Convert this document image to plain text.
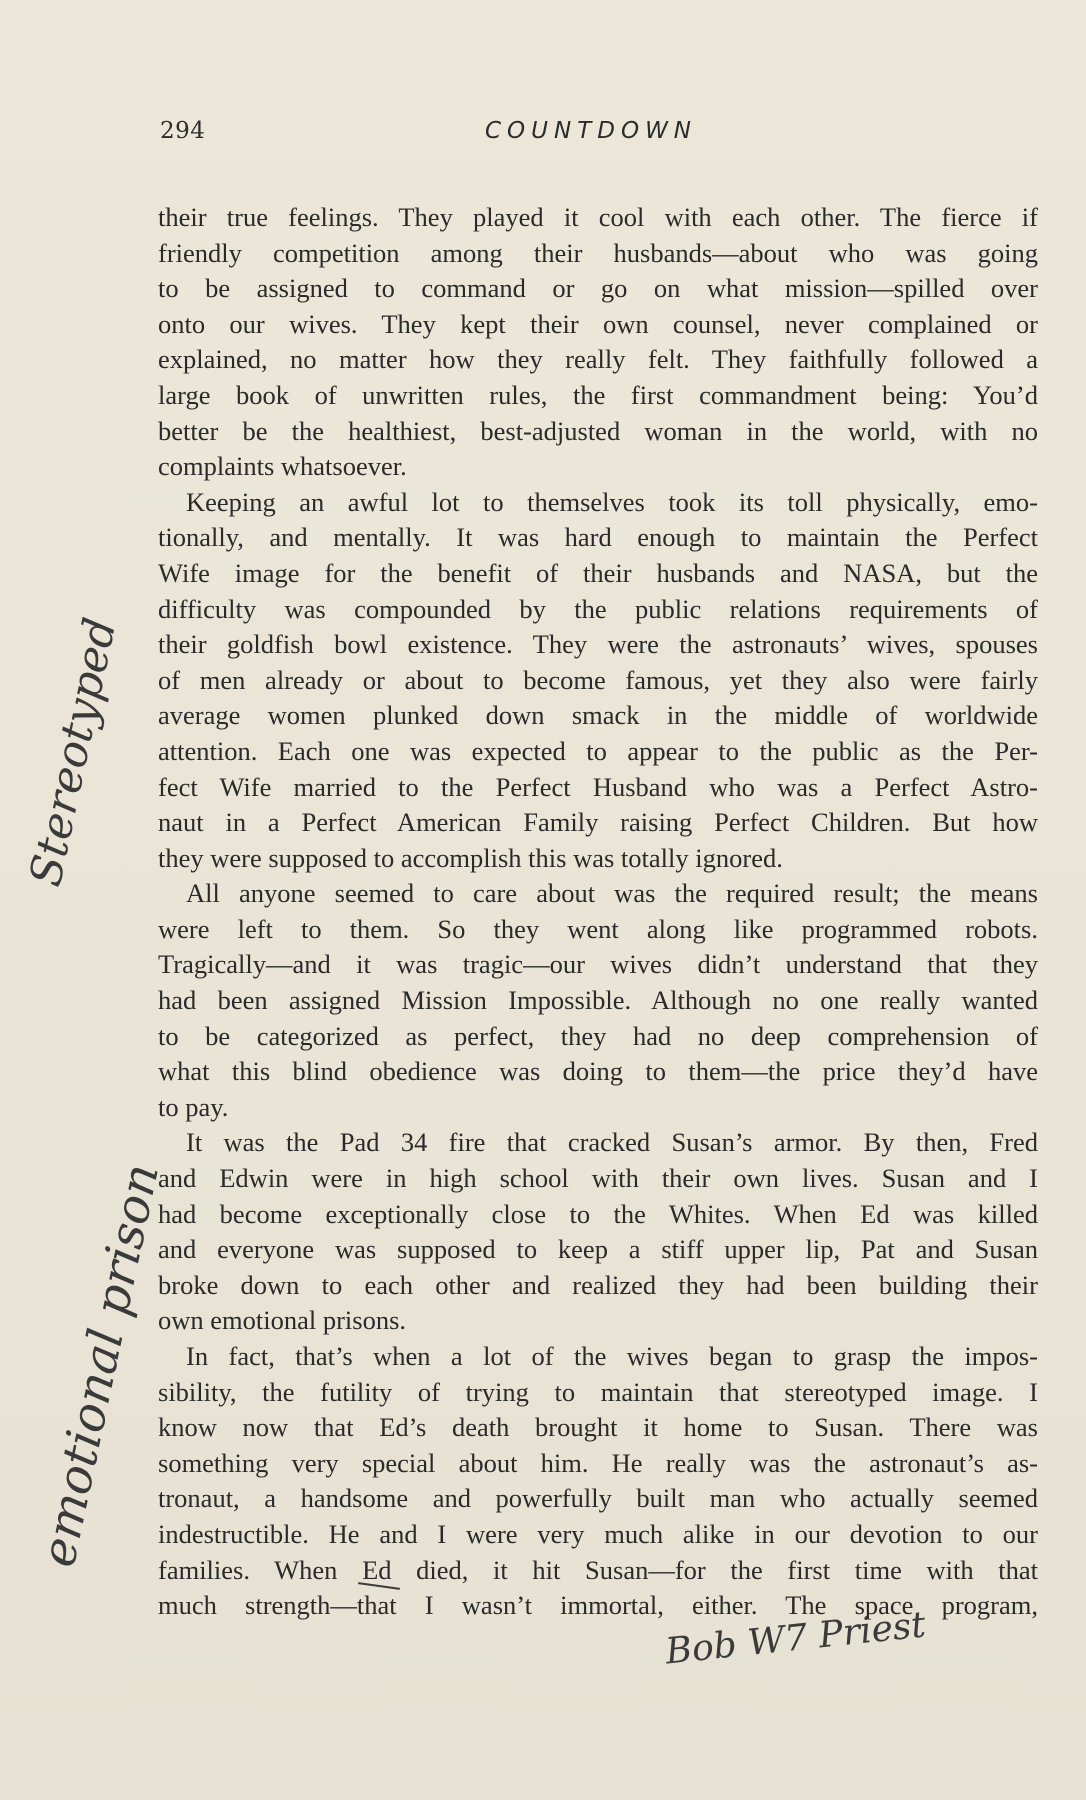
294	COUNTDOWN
their true feelings. They played it cool with each other. The fierce if
friendly competition among their husbands—about who was going
to be assigned to command or go on what mission—spilled over
onto our wives. They kept their own counsel, never complained or
explained, no matter how they really felt. They faithfully followed a
large book of unwritten rules, the first commandment being: You’d
better be the healthiest, best-adjusted woman in the world, with no
complaints whatsoever.
Keeping an awful lot to themselves took its toll physically, emo-
tionally, and mentally. It was hard enough to maintain the Perfect
Wife image for the benefit of their husbands and NASA, but the
difficulty was compounded by the public relations requirements of
their goldfish bowl existence. They were the astronauts’ wives, spouses
of men already or about to become famous, yet they also were fairly
average women plunked down smack in the middle of worldwide
attention. Each one was expected to appear to the public as the Per-
fect Wife married to the Perfect Husband who was a Perfect Astro-
naut in a Perfect American Family raising Perfect Children. But how
they were supposed to accomplish this was totally ignored.
All anyone seemed to care about was the required result; the means
were left to them. So they went along like programmed robots.
Tragically—and it was tragic—our wives didn’t understand that they
had been assigned Mission Impossible. Although no one really wanted
to be categorized as perfect, they had no deep comprehension of
what this blind obedience was doing to them—the price they’d have
to pay.
It was the Pad 34 fire that cracked Susan’s armor. By then, Fred
and Edwin were in high school with their own lives. Susan and I
had become exceptionally close to the Whites. When Ed was killed
and everyone was supposed to keep a stiff upper lip, Pat and Susan
broke down to each other and realized they had been building their
own emotional prisons.
In fact, that’s when a lot of the wives began to grasp the impos-
sibility, the futility of trying to maintain that stereotyped image. I
know now that Ed’s death brought it home to Susan. There was
something very special about him. He really was the astronaut’s as-
tronaut, a handsome and powerfully built man who actually seemed
indestructible. He and I were very much alike in our devotion to our
families. When Ed died, it hit Susan—for the first time with that
much strength—that I wasn’t immortal, either. The space program,
Stereotyped
emotional prison
Bob W7 Priest
